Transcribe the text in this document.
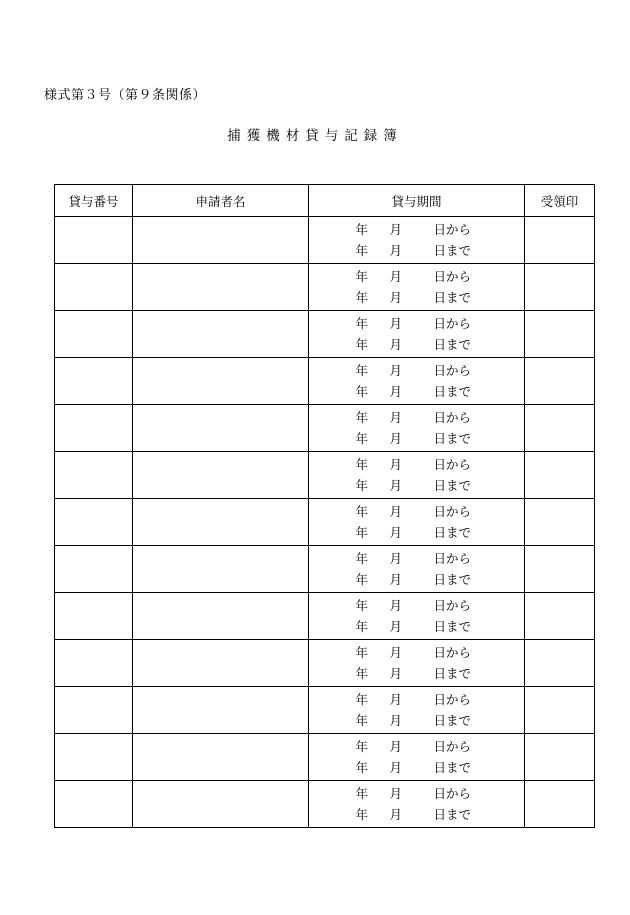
様式第３号（第９条関係）
捕獲機材貸与記録簿
貸与番号	申請者名	貸与期間	受領印

		年 月 日から
年 月 日まで	

		年 月 日から
年 月 日まで	

		年 月 日から
年 月 日まで	

		年 月 日から
年 月 日まで	

		年 月 日から
年 月 日まで	

		年 月 日から
年 月 日まで	

		年 月 日から
年 月 日まで	

		年 月 日から
年 月 日まで	

		年 月 日から
年 月 日まで	

		年 月 日から
年 月 日まで	

		年 月 日から
年 月 日まで	

		年 月 日から
年 月 日まで	

		年 月 日から
年 月 日まで	
